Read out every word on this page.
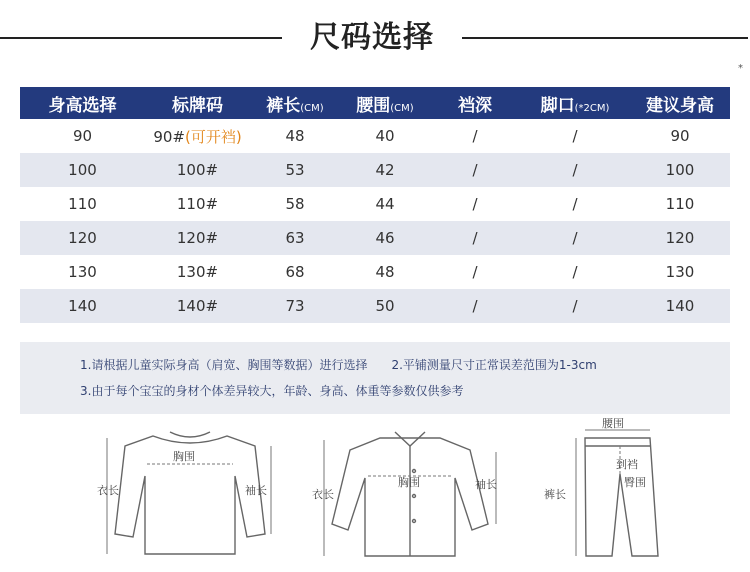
尺码选择
*
身高选择	标牌码	裤长(CM)	腰围(CM)	裆深	脚口(*2CM)	建议身高
90	90#(可开裆)	48	40	/	/	90
100	100#	53	42	/	/	100
110	110#	58	44	/	/	110
120	120#	63	46	/	/	120
130	130#	68	48	/	/	130
140	140#	73	50	/	/	140
1.请根据儿童实际身高（肩宽、胸围等数据）进行选择 2.平铺测量尺寸正常误差范围为1-3cm
3.由于每个宝宝的身材个体差异较大，年龄、身高、体重等参数仅供参考
衣长
胸围
袖长	衣长
胸围	袖长
腰围
到裆
臀围
裤长
